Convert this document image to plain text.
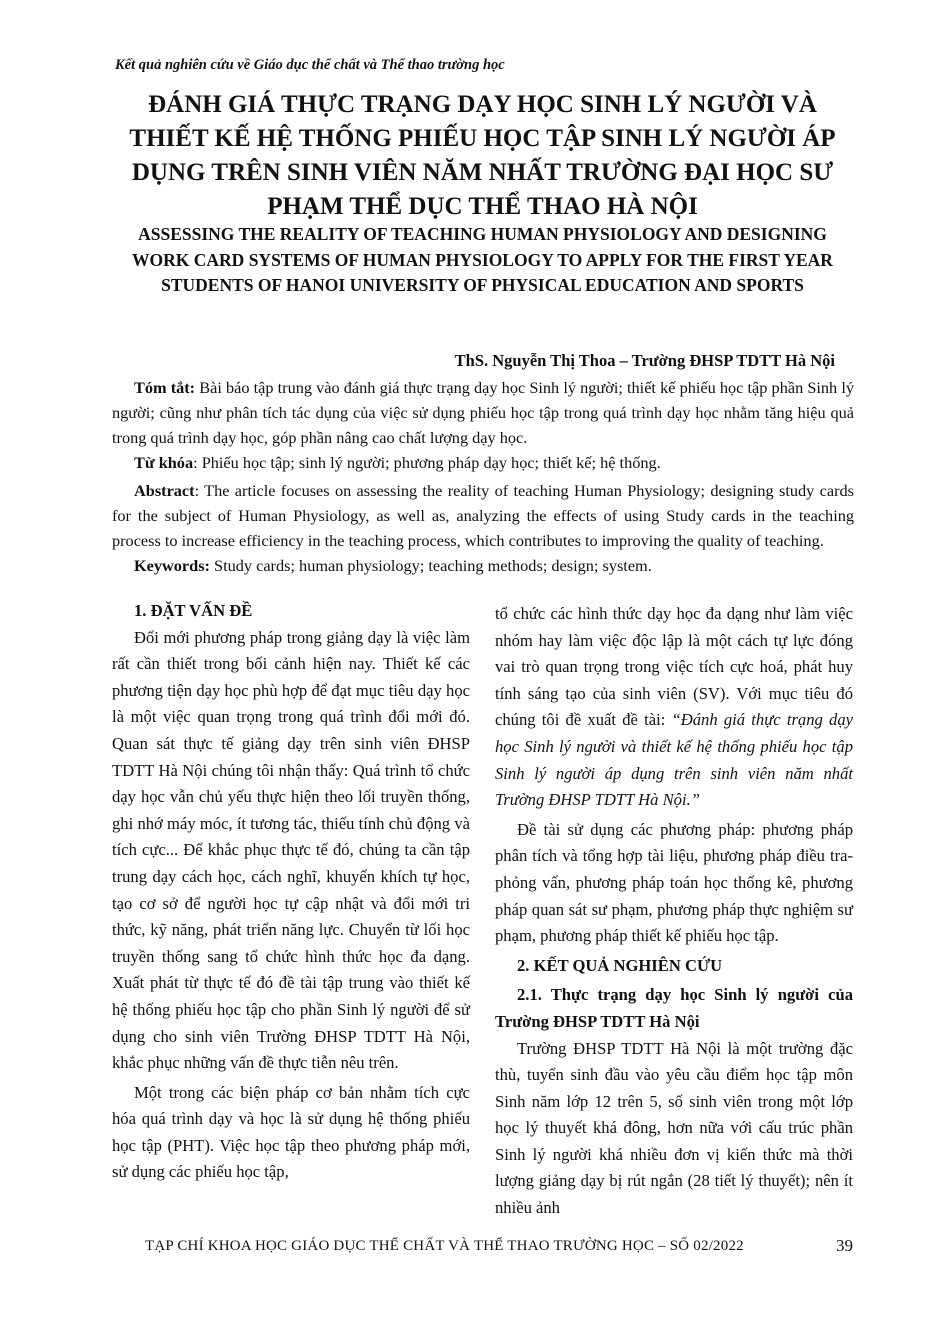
Kết quả nghiên cứu về Giáo dục thể chất và Thể thao trường học
ĐÁNH GIÁ THỰC TRẠNG DẠY HỌC SINH LÝ NGƯỜI VÀ THIẾT KẾ HỆ THỐNG PHIẾU HỌC TẬP SINH LÝ NGƯỜI ÁP DỤNG TRÊN SINH VIÊN NĂM NHẤT TRƯỜNG ĐẠI HỌC SƯ PHẠM THỂ DỤC THỂ THAO HÀ NỘI
ASSESSING THE REALITY OF TEACHING HUMAN PHYSIOLOGY AND DESIGNING WORK CARD SYSTEMS OF HUMAN PHYSIOLOGY TO APPLY FOR THE FIRST YEAR STUDENTS OF HANOI UNIVERSITY OF PHYSICAL EDUCATION AND SPORTS
ThS. Nguyễn Thị Thoa – Trường ĐHSP TDTT Hà Nội

Tóm tắt: Bài báo tập trung vào đánh giá thực trạng dạy học Sinh lý người; thiết kế phiếu học tập phần Sinh lý người; cũng như phân tích tác dụng của việc sử dụng phiếu học tập trong quá trình dạy học nhằm tăng hiệu quả trong quá trình dạy học, góp phần nâng cao chất lượng dạy học.

Từ khóa: Phiếu học tập; sinh lý người; phương pháp dạy học; thiết kế; hệ thống.

Abstract: The article focuses on assessing the reality of teaching Human Physiology; designing study cards for the subject of Human Physiology, as well as, analyzing the effects of using Study cards in the teaching process to increase efficiency in the teaching process, which contributes to improving the quality of teaching.

Keywords: Study cards; human physiology; teaching methods; design; system.

1. ĐẶT VẤN ĐỀ

Đổi mới phương pháp trong giảng dạy là việc làm rất cần thiết trong bối cảnh hiện nay. Thiết kế các phương tiện dạy học phù hợp để đạt mục tiêu dạy học là một việc quan trọng trong quá trình đổi mới đó. Quan sát thực tế giảng dạy trên sinh viên ĐHSP TDTT Hà Nội chúng tôi nhận thấy: Quá trình tổ chức dạy học vẫn chủ yếu thực hiện theo lối truyền thống, ghi nhớ máy móc, ít tương tác, thiếu tính chủ động và tích cực... Để khắc phục thực tế đó, chúng ta cần tập trung dạy cách học, cách nghĩ, khuyến khích tự học, tạo cơ sở để người học tự cập nhật và đổi mới tri thức, kỹ năng, phát triển năng lực. Chuyển từ lối học truyền thống sang tổ chức hình thức học đa dạng. Xuất phát từ thực tế đó đề tài tập trung vào thiết kế hệ thống phiếu học tập cho phần Sinh lý người để sử dụng cho sinh viên Trường ĐHSP TDTT Hà Nội, khắc phục những vấn đề thực tiễn nêu trên.

Một trong các biện pháp cơ bản nhằm tích cực hóa quá trình dạy và học là sử dụng hệ thống phiếu học tập (PHT). Việc học tập theo phương pháp mới, sử dụng các phiếu học tập,

tổ chức các hình thức dạy học đa dạng như làm việc nhóm hay làm việc độc lập là một cách tự lực đóng vai trò quan trọng trong việc tích cực hoá, phát huy tính sáng tạo của sinh viên (SV). Với mục tiêu đó chúng tôi đề xuất đề tài: “Đánh giá thực trạng dạy học Sinh lý người và thiết kế hệ thống phiếu học tập Sinh lý người áp dụng trên sinh viên năm nhất Trường ĐHSP TDTT Hà Nội.”

Đề tài sử dụng các phương pháp: phương pháp phân tích và tổng hợp tài liệu, phương pháp điều tra-phỏng vấn, phương pháp toán học thống kê, phương pháp quan sát sư phạm, phương pháp thực nghiệm sư phạm, phương pháp thiết kế phiếu học tập.

2. KẾT QUẢ NGHIÊN CỨU
2.1. Thực trạng dạy học Sinh lý người của Trường ĐHSP TDTT Hà Nội

Trường ĐHSP TDTT Hà Nội là một trường đặc thù, tuyển sinh đầu vào yêu cầu điểm học tập môn Sinh năm lớp 12 trên 5, số sinh viên trong một lớp học lý thuyết khá đông, hơn nữa với cấu trúc phần Sinh lý người khá nhiều đơn vị kiến thức mà thời lượng giảng dạy bị rút ngắn (28 tiết lý thuyết); nên ít nhiều ảnh

TẠP CHÍ KHOA HỌC GIÁO DỤC THỂ CHẤT VÀ THỂ THAO TRƯỜNG HỌC – SỐ 02/2022	39
